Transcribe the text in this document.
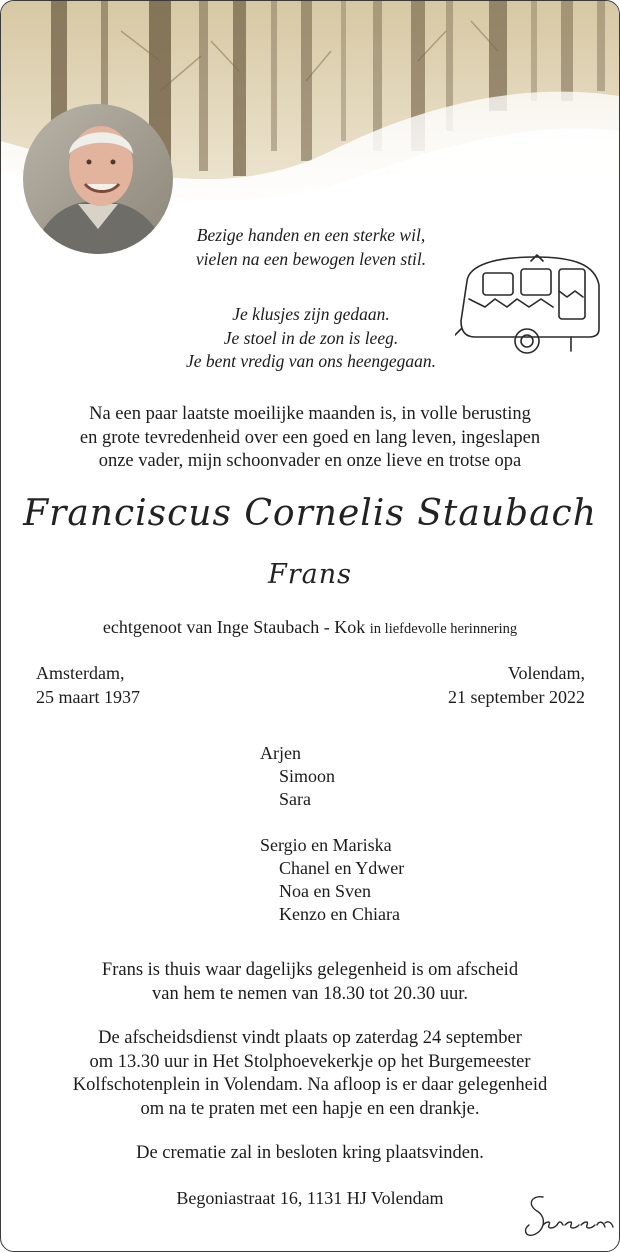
Bezige handen en een sterke wil,
vielen na een bewogen leven stil.
Je klusjes zijn gedaan.
Je stoel in de zon is leeg.
Je bent vredig van ons heengegaan.
Na een paar laatste moeilijke maanden is, in volle berusting
en grote tevredenheid over een goed en lang leven, ingeslapen
onze vader, mijn schoonvader en onze lieve en trotse opa
Franciscus Cornelis Staubach
Frans
echtgenoot van Inge Staubach - Kok in liefdevolle herinnering
Amsterdam,
25 maart 1937
Volendam,
21 september 2022
Arjen
Simoon
Sara
Sergio en Mariska
Chanel en Ydwer
Noa en Sven
Kenzo en Chiara
Frans is thuis waar dagelijks gelegenheid is om afscheid
van hem te nemen van 18.30 tot 20.30 uur.
De afscheidsdienst vindt plaats op zaterdag 24 september
om 13.30 uur in Het Stolphoevekerkje op het Burgemeester
Kolfschotenplein in Volendam. Na afloop is er daar gelegenheid
om na te praten met een hapje en een drankje.
De crematie zal in besloten kring plaatsvinden.
Begoniastraat 16, 1131 HJ Volendam
